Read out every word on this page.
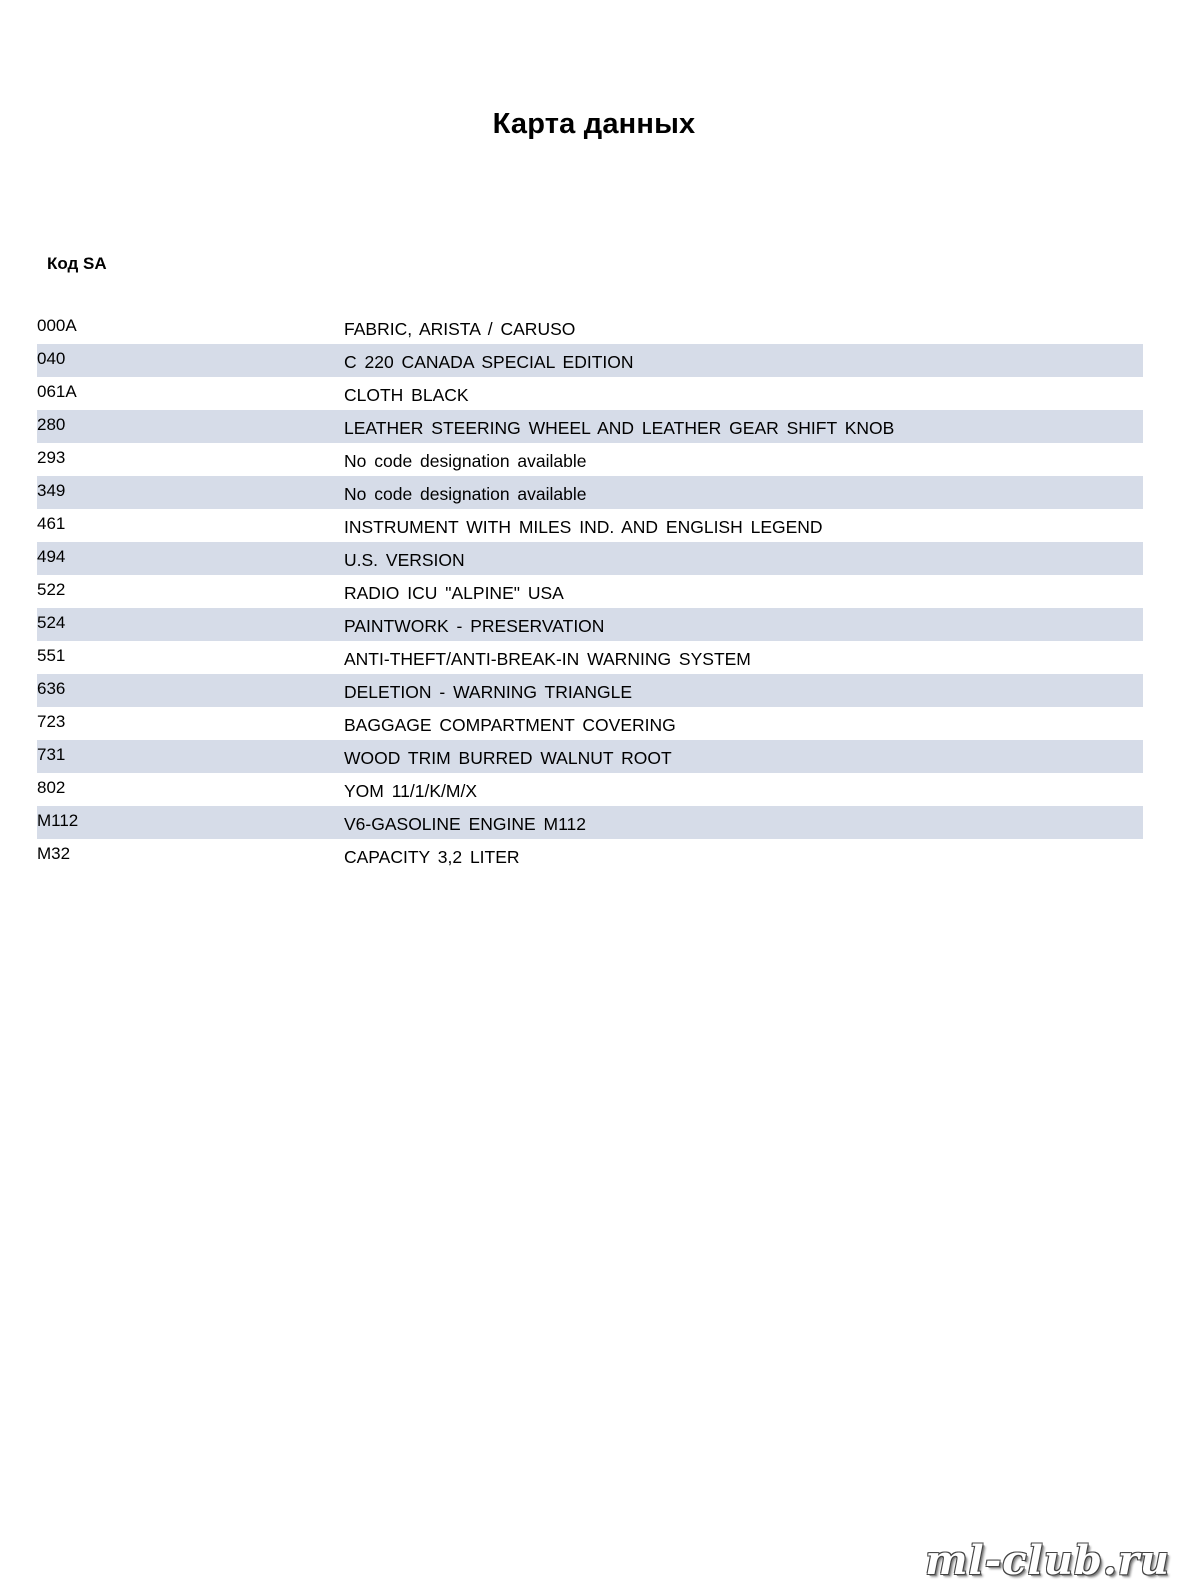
Карта данных
Код SA
000A	FABRIC, ARISTA / CARUSO
040	C 220 CANADA SPECIAL EDITION
061A	CLOTH BLACK
280	LEATHER STEERING WHEEL AND LEATHER GEAR SHIFT KNOB
293	No code designation available
349	No code designation available
461	INSTRUMENT WITH MILES IND. AND ENGLISH LEGEND
494	U.S. VERSION
522	RADIO ICU "ALPINE" USA
524	PAINTWORK - PRESERVATION
551	ANTI-THEFT/ANTI-BREAK-IN WARNING SYSTEM
636	DELETION - WARNING TRIANGLE
723	BAGGAGE COMPARTMENT COVERING
731	WOOD TRIM BURRED WALNUT ROOT
802	YOM 11/1/K/M/X
M112	V6-GASOLINE ENGINE M112
M32	CAPACITY 3,2 LITER
ml-club.ru
